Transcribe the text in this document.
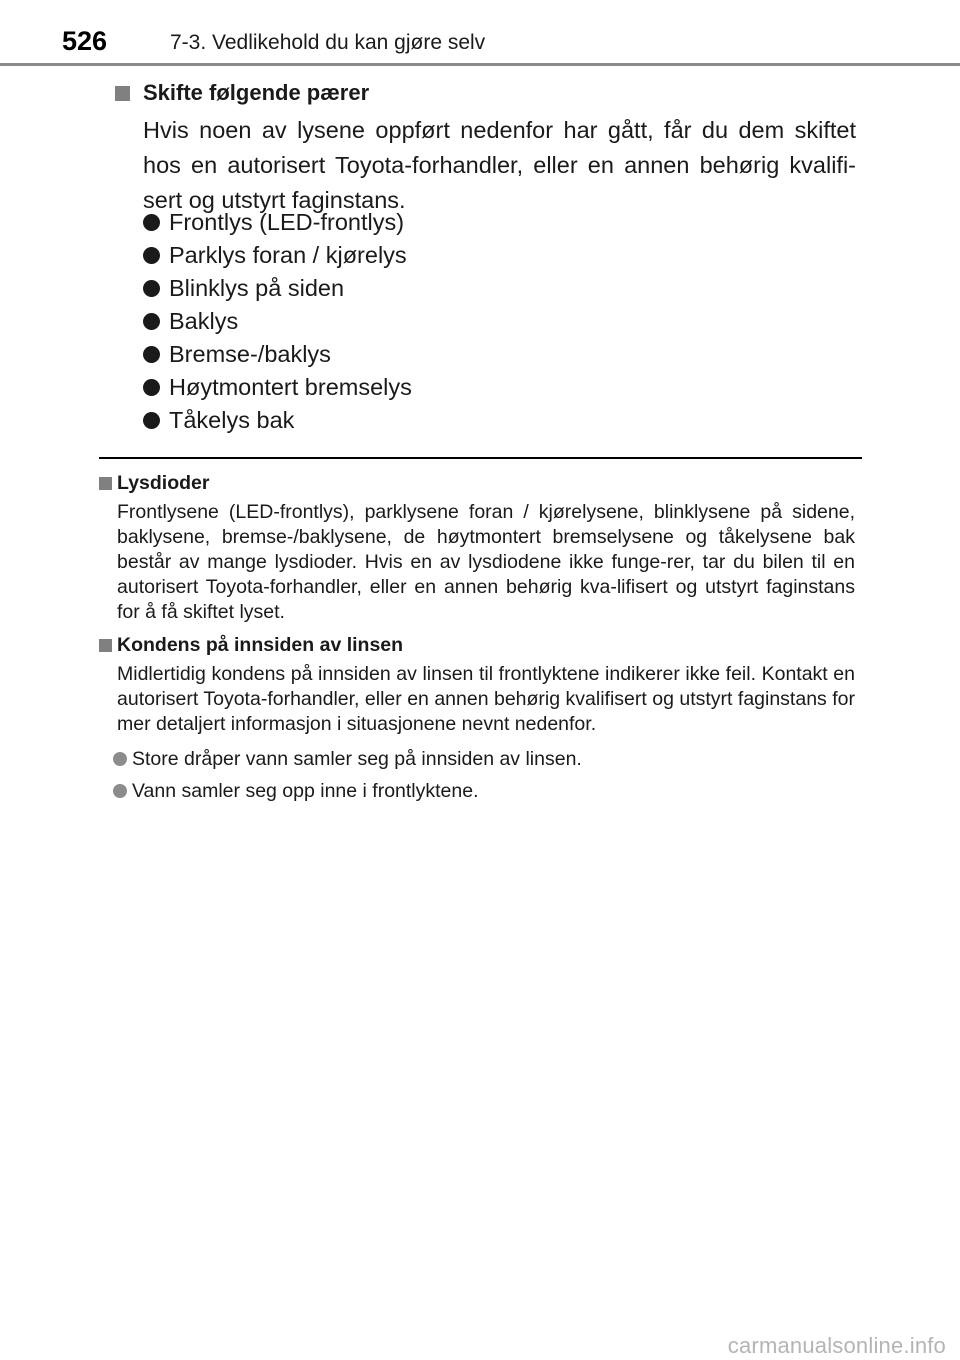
526	7-3. Vedlikehold du kan gjøre selv
Skifte følgende pærer

Hvis noen av lysene oppført nedenfor har gått, får du dem skiftet hos en autorisert Toyota-forhandler, eller en annen behørig kvalifi-sert og utstyrt faginstans.

Frontlys (LED-frontlys)
Parklys foran / kjørelys
Blinklys på siden
Baklys
Bremse-/baklys
Høytmontert bremselys
Tåkelys bak
Lysdioder

Frontlysene (LED-frontlys), parklysene foran / kjørelysene, blinklysene på sidene, baklysene, bremse-/baklysene, de høytmontert bremselysene og tåkelysene bak består av mange lysdioder. Hvis en av lysdiodene ikke funge-rer, tar du bilen til en autorisert Toyota-forhandler, eller en annen behørig kva-lifisert og utstyrt faginstans for å få skiftet lyset.

Kondens på innsiden av linsen

Midlertidig kondens på innsiden av linsen til frontlyktene indikerer ikke feil. Kontakt en autorisert Toyota-forhandler, eller en annen behørig kvalifisert og utstyrt faginstans for mer detaljert informasjon i situasjonene nevnt nedenfor.

Store dråper vann samler seg på innsiden av linsen.
Vann samler seg opp inne i frontlyktene.
carmanualsonline.info
